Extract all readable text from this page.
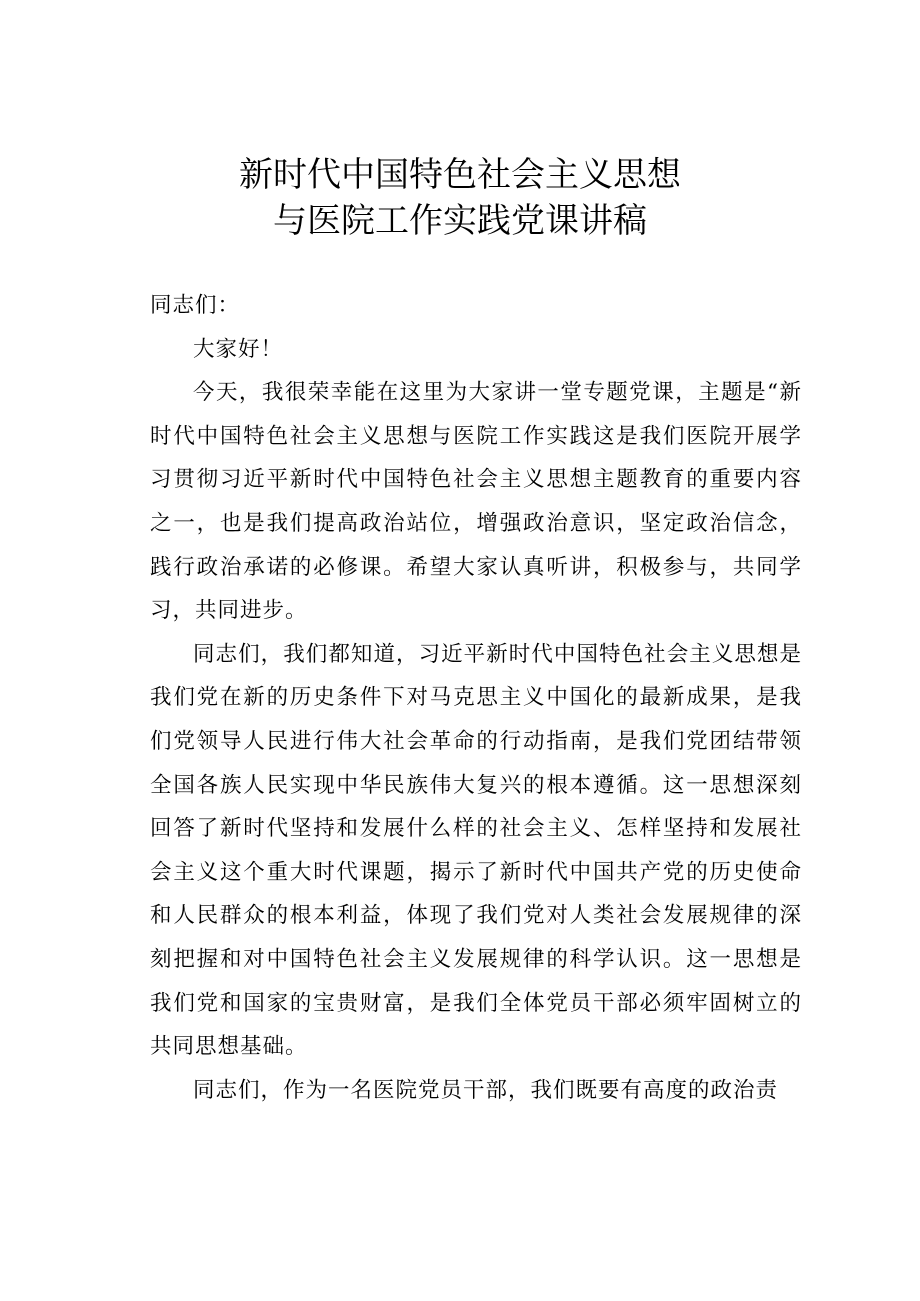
新时代中国特色社会主义思想
与医院工作实践党课讲稿

同志们：

大家好！

今天，我很荣幸能在这里为大家讲一堂专题党课，主题是“新时代中国特色社会主义思想与医院工作实践这是我们医院开展学习贯彻习近平新时代中国特色社会主义思想主题教育的重要内容之一，也是我们提高政治站位，增强政治意识，坚定政治信念，践行政治承诺的必修课。希望大家认真听讲，积极参与，共同学习，共同进步。

同志们，我们都知道，习近平新时代中国特色社会主义思想是我们党在新的历史条件下对马克思主义中国化的最新成果，是我们党领导人民进行伟大社会革命的行动指南，是我们党团结带领全国各族人民实现中华民族伟大复兴的根本遵循。这一思想深刻回答了新时代坚持和发展什么样的社会主义、怎样坚持和发展社会主义这个重大时代课题，揭示了新时代中国共产党的历史使命和人民群众的根本利益，体现了我们党对人类社会发展规律的深刻把握和对中国特色社会主义发展规律的科学认识。这一思想是我们党和国家的宝贵财富，是我们全体党员干部必须牢固树立的共同思想基础。

同志们，作为一名医院党员干部，我们既要有高度的政治责
